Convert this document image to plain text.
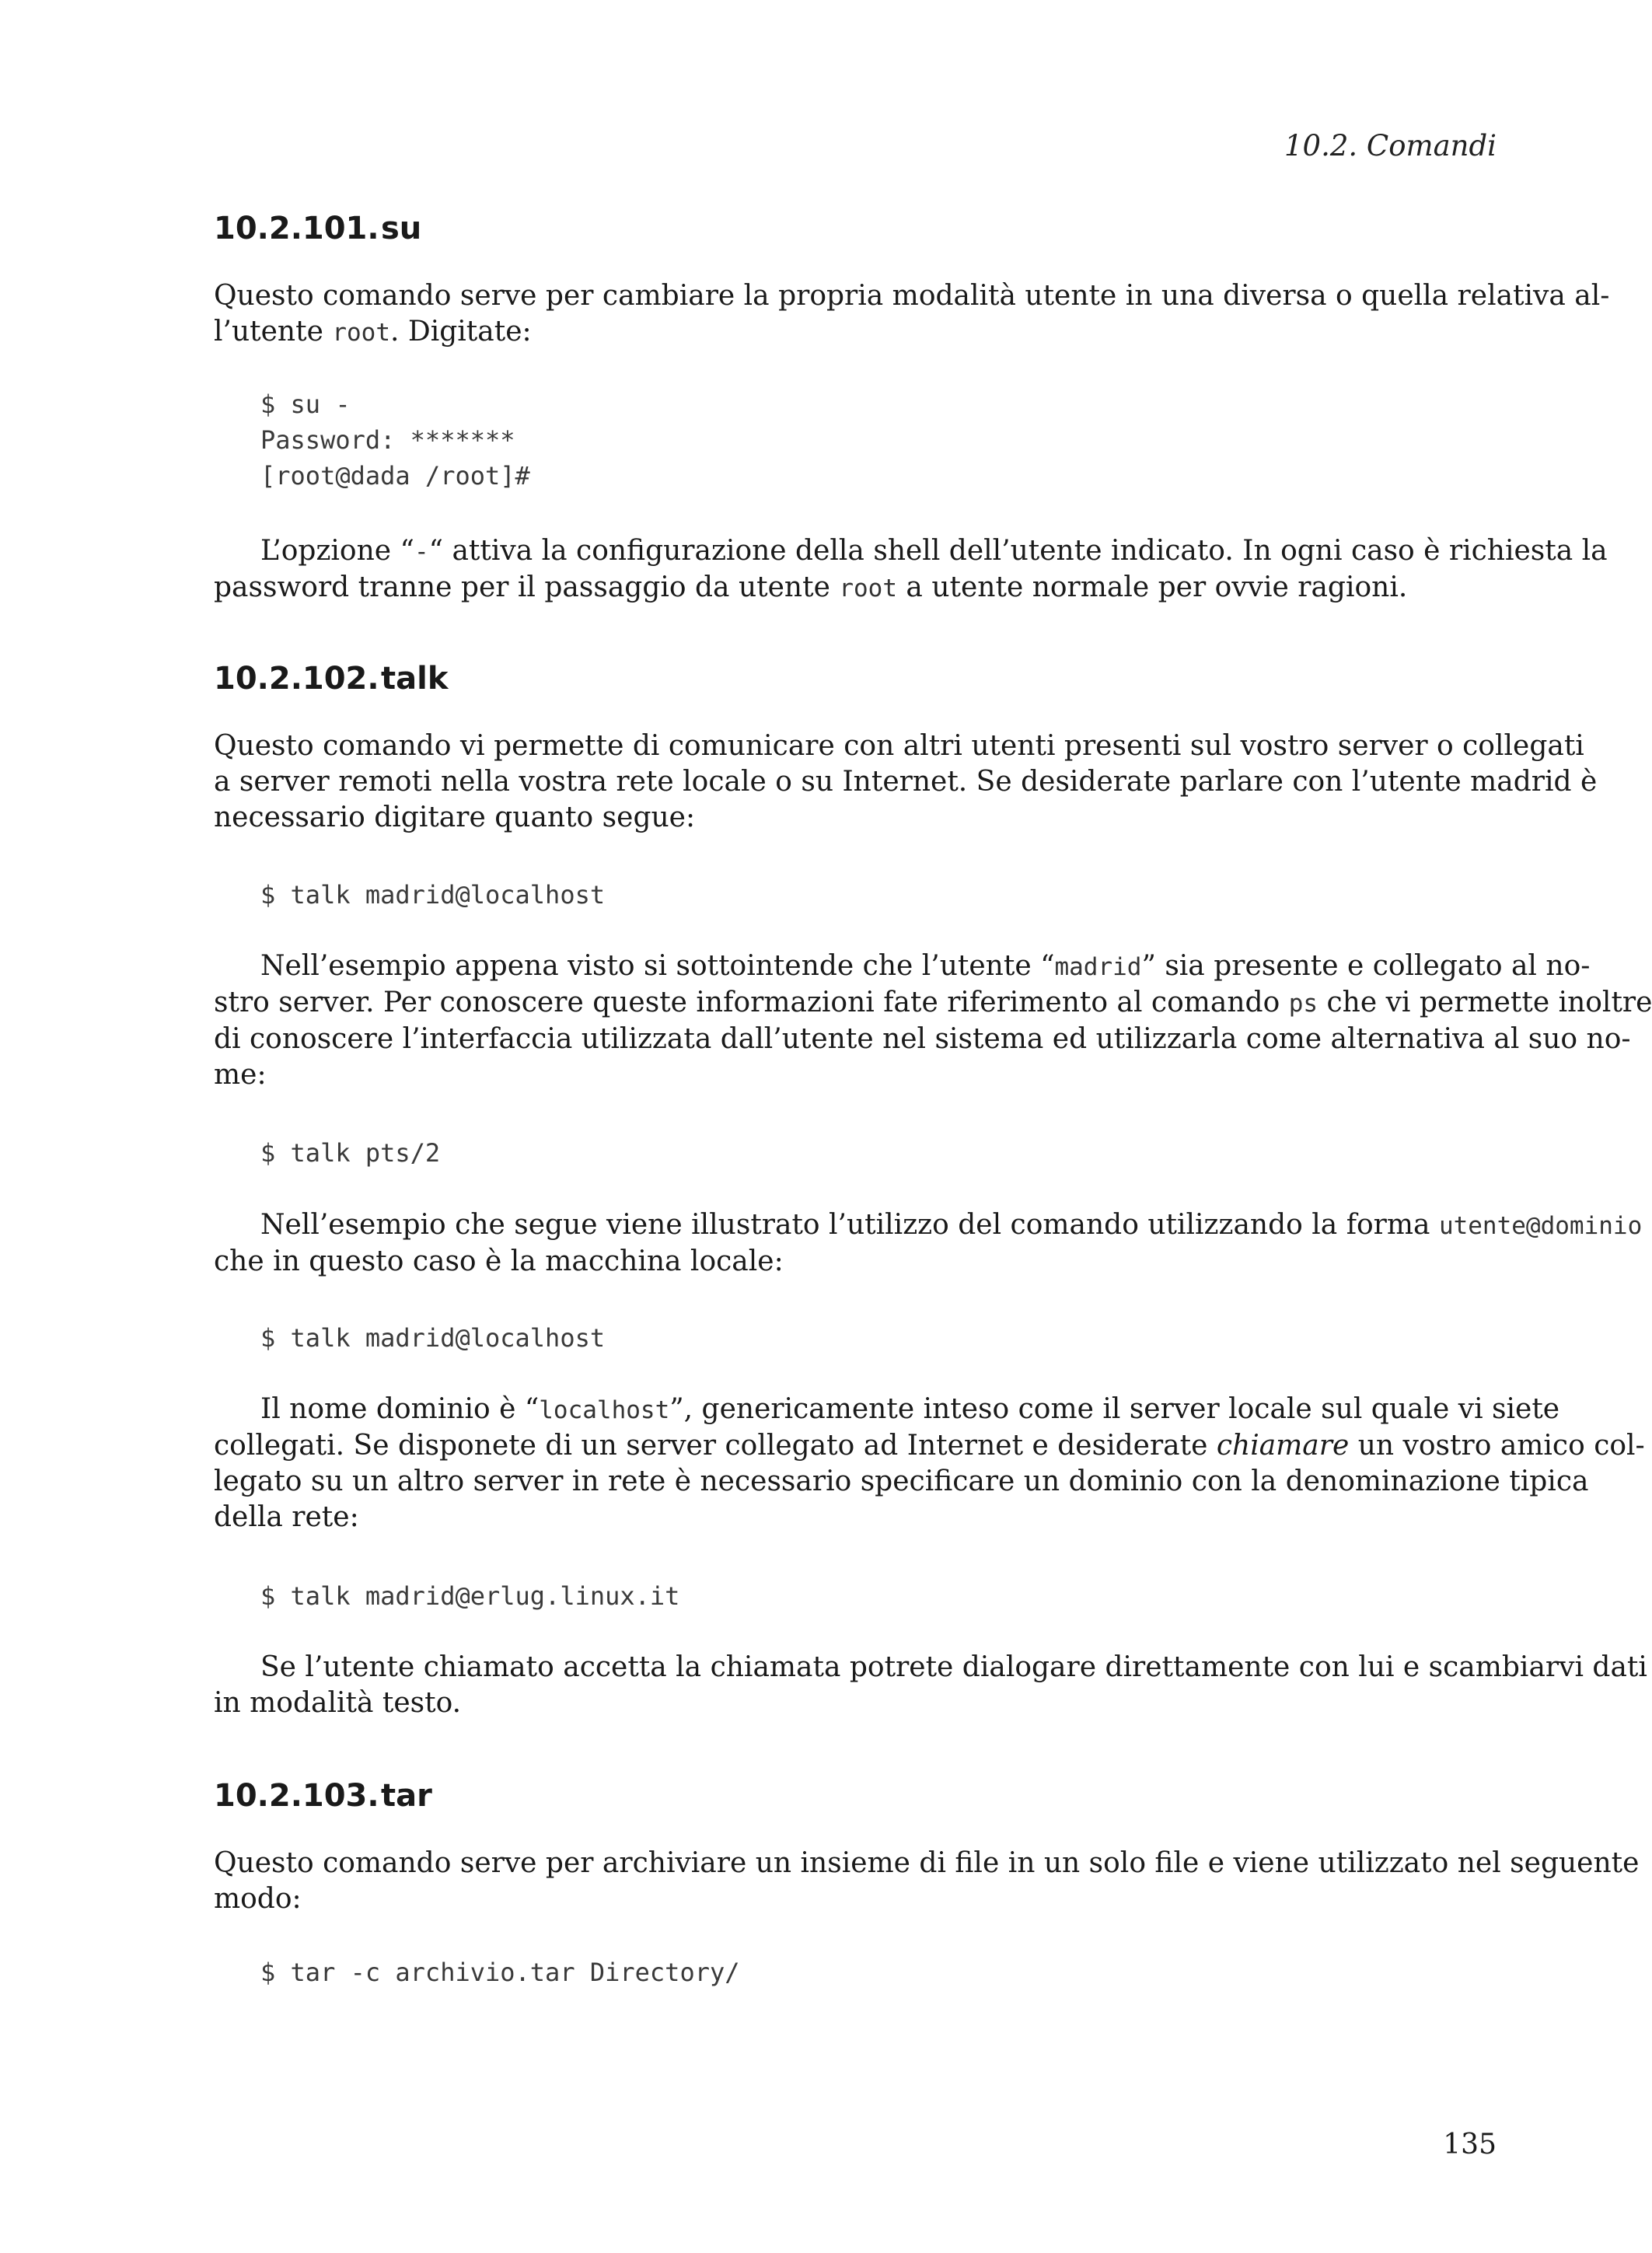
10.2. Comandi
10.2.101.su

Questo comando serve per cambiare la propria modalità utente in una diversa o quella relativa al-
l’utente root. Digitate:

$ su -
Password: *******
[root@dada /root]#

L’opzione “-“ attiva la configurazione della shell dell’utente indicato. In ogni caso è richiesta la
password tranne per il passaggio da utente root a utente normale per ovvie ragioni.

10.2.102.talk

Questo comando vi permette di comunicare con altri utenti presenti sul vostro server o collegati
a server remoti nella vostra rete locale o su Internet. Se desiderate parlare con l’utente madrid è
necessario digitare quanto segue:

$ talk madrid@localhost

Nell’esempio appena visto si sottointende che l’utente “madrid” sia presente e collegato al no-
stro server. Per conoscere queste informazioni fate riferimento al comando ps che vi permette inoltre
di conoscere l’interfaccia utilizzata dall’utente nel sistema ed utilizzarla come alternativa al suo no-
me:

$ talk pts/2

Nell’esempio che segue viene illustrato l’utilizzo del comando utilizzando la forma utente@dominio
che in questo caso è la macchina locale:

$ talk madrid@localhost

Il nome dominio è “localhost”, genericamente inteso come il server locale sul quale vi siete
collegati. Se disponete di un server collegato ad Internet e desiderate chiamare un vostro amico col-
legato su un altro server in rete è necessario specificare un dominio con la denominazione tipica
della rete:

$ talk madrid@erlug.linux.it

Se l’utente chiamato accetta la chiamata potrete dialogare direttamente con lui e scambiarvi dati
in modalità testo.

10.2.103.tar

Questo comando serve per archiviare un insieme di file in un solo file e viene utilizzato nel seguente
modo:

$ tar -c archivio.tar Directory/
135
